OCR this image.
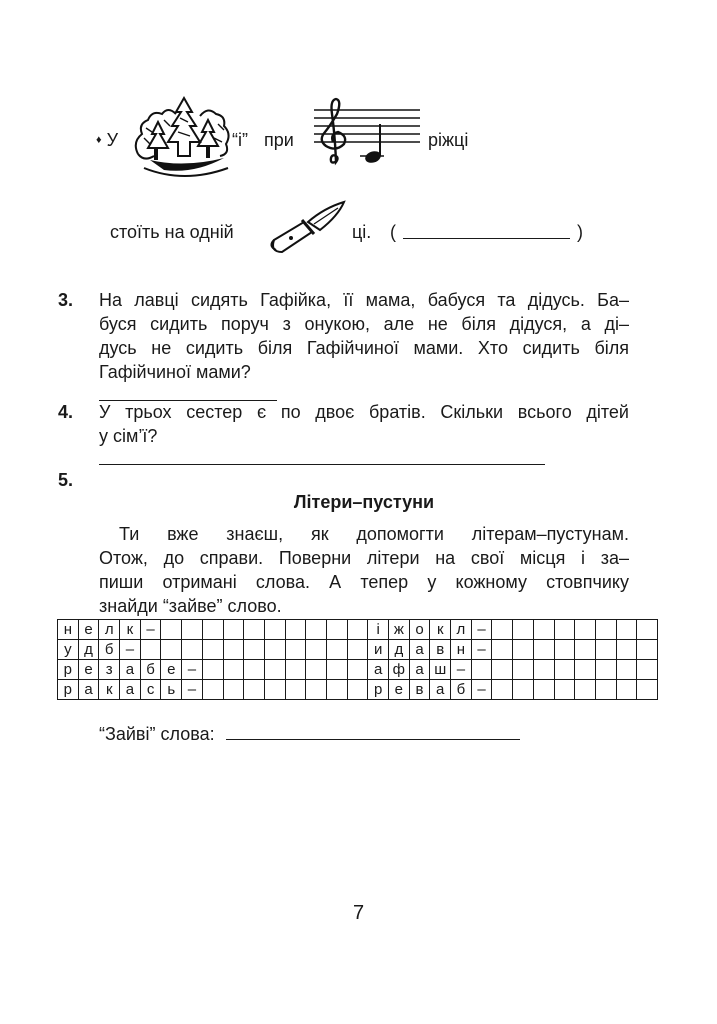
♦ У	“і” при	ріжці
стоїть на одній	ці. (	)
3. На лавці сидять Гафійка, її мама, бабуся та дідусь. Ба–
буся сидить поруч з онукою, але не біля дідуся, а ді–
дусь не сидить біля Гафійчиної мами. Хто сидить біля
Гафійчиної мами?
4. У трьох сестер є по двоє братів. Скільки всього дітей
у сім’ї?
5.
Літери–пустуни
Ти вже знаєш, як допомогти літерам–пустунам.
Отож, до справи. Поверни літери на свої місця і за–
пиши отримані слова. А тепер у кожному стовпчику
знайди “зайве” слово.
н	е	л	к	–											і	ж	о	к	л	–								
у	д	б	–												и	д	а	в	н	–								
р	е	з	а	б	е	–									а	ф	а	ш	–									
р	а	к	а	с	ь	–									р	е	в	а	б	–								
“Зайві” слова:
7
